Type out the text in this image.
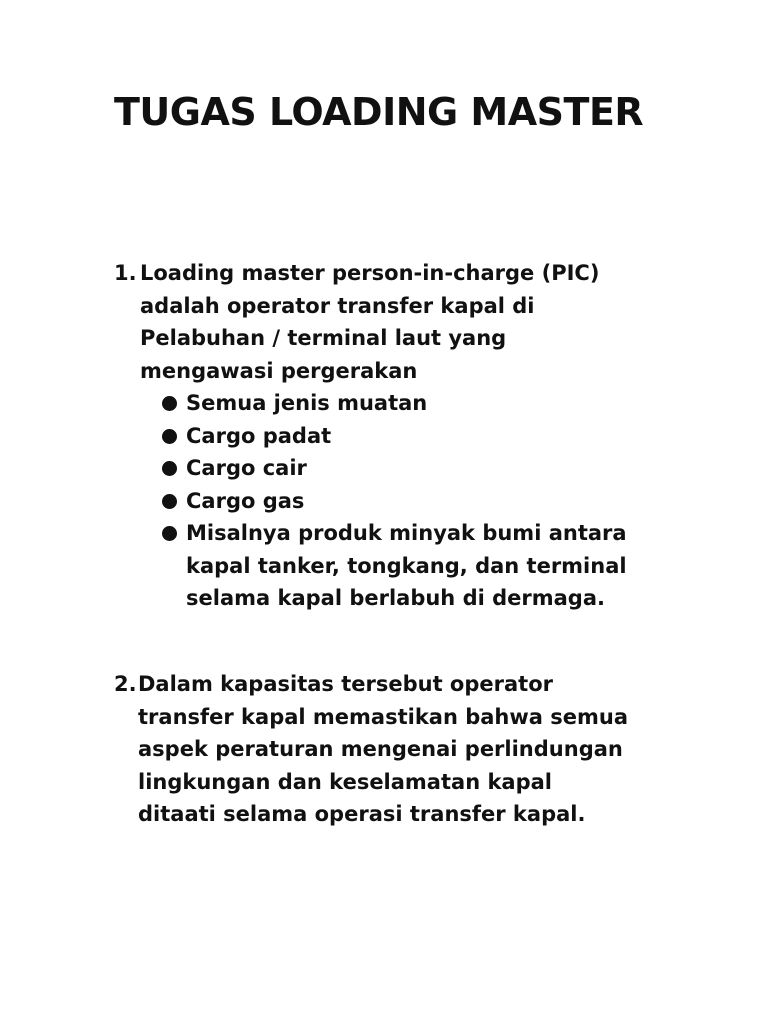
TUGAS LOADING MASTER
1. Loading master person-in-charge (PIC)
adalah operator transfer kapal di
Pelabuhan / terminal laut yang
mengawasi pergerakan
Semua jenis muatan
Cargo padat
Cargo cair
Cargo gas
Misalnya produk minyak bumi antara
kapal tanker, tongkang, dan terminal
selama kapal berlabuh di dermaga.
2. Dalam kapasitas tersebut operator
transfer kapal memastikan bahwa semua
aspek peraturan mengenai perlindungan
lingkungan dan keselamatan kapal
ditaati selama operasi transfer kapal.
